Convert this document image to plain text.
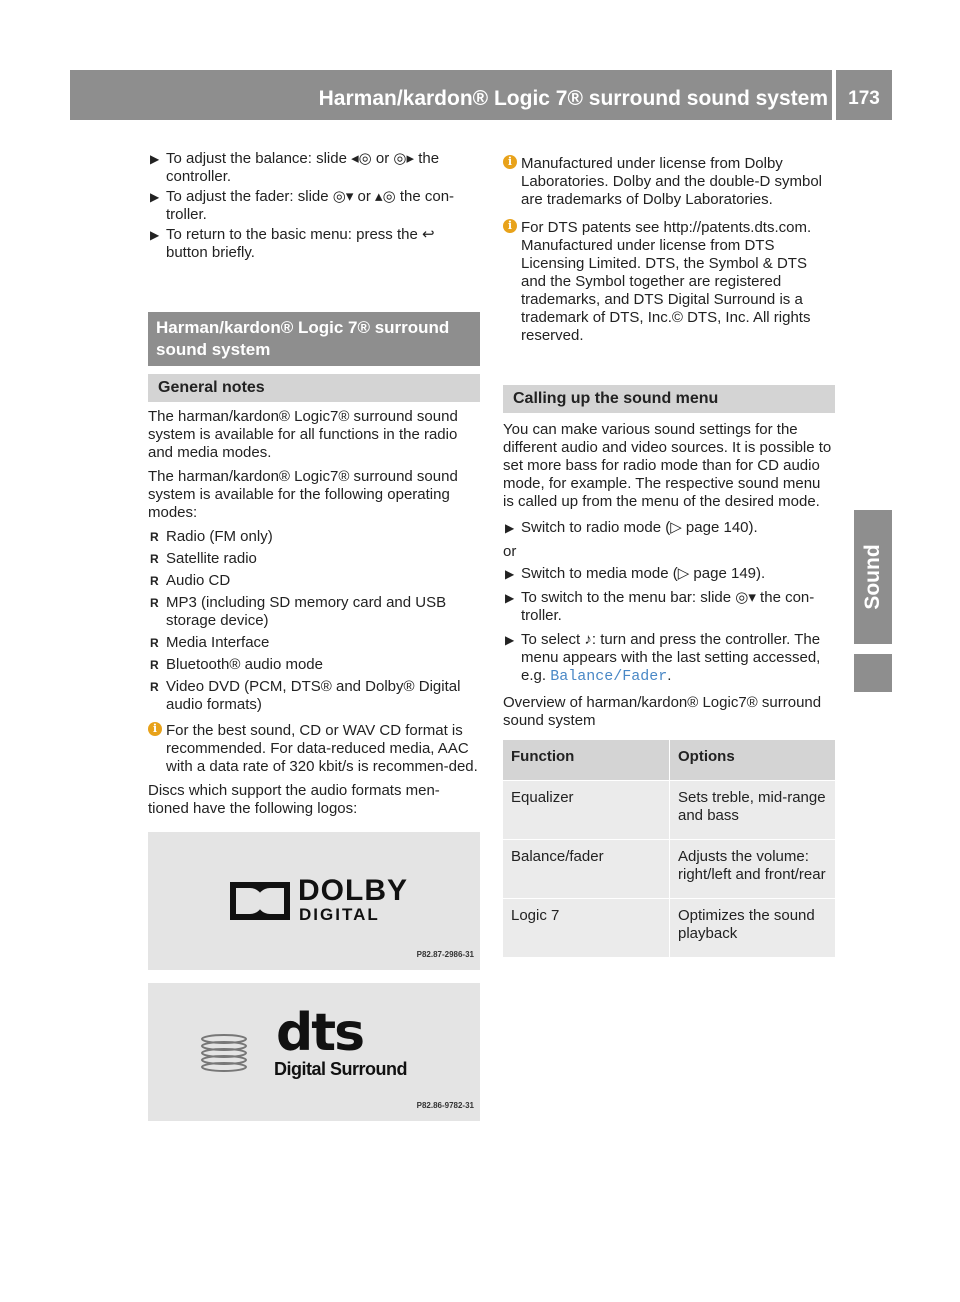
Harman/kardon® Logic 7® surround sound system	173
Sound
▶ To adjust the balance: slide ◂◎ or ◎▸ the controller.
▶ To adjust the fader: slide ◎▾ or ▴◎ the con-troller.
▶ To return to the basic menu: press the ↩ button briefly.
Harman/kardon® Logic 7® surround sound system
General notes

The harman/kardon® Logic7® surround sound system is available for all functions in the radio and media modes.

The harman/kardon® Logic7® surround sound system is available for the following operating modes:

R Radio (FM only)
R Satellite radio
R Audio CD
R MP3 (including SD memory card and USB storage device)
R Media Interface
R Bluetooth® audio mode
R Video DVD (PCM, DTS® and Dolby® Digital audio formats)
i For the best sound, CD or WAV CD format is recommended. For data-reduced media, AAC with a data rate of 320 kbit/s is recommen-ded.

Discs which support the audio formats men-tioned have the following logos:

DOLBY
DIGITAL
P82.87-2986-31
dts
Digital Surround
P82.86-9782-31
i Manufactured under license from Dolby Laboratories. Dolby and the double-D symbol are trademarks of Dolby Laboratories.
i For DTS patents see http://patents.dts.com. Manufactured under license from DTS Licensing Limited. DTS, the Symbol & DTS and the Symbol together are registered trademarks, and DTS Digital Surround is a trademark of DTS, Inc.© DTS, Inc. All rights reserved.
Calling up the sound menu

You can make various sound settings for the different audio and video sources. It is possible to set more bass for radio mode than for CD audio mode, for example. The respective sound menu is called up from the menu of the desired mode.

▶ Switch to radio mode (▷ page 140).

or

▶ Switch to media mode (▷ page 149).
▶ To switch to the menu bar: slide ◎▾ the con-troller.
▶ To select ♪: turn and press the controller. The menu appears with the last setting accessed, e.g. Balance/Fader.

Overview of harman/kardon® Logic7® surround sound system

Function	Options
Equalizer	Sets treble, mid-range and bass
Balance/fader	Adjusts the volume: right/left and front/rear
Logic 7	Optimizes the sound playback
